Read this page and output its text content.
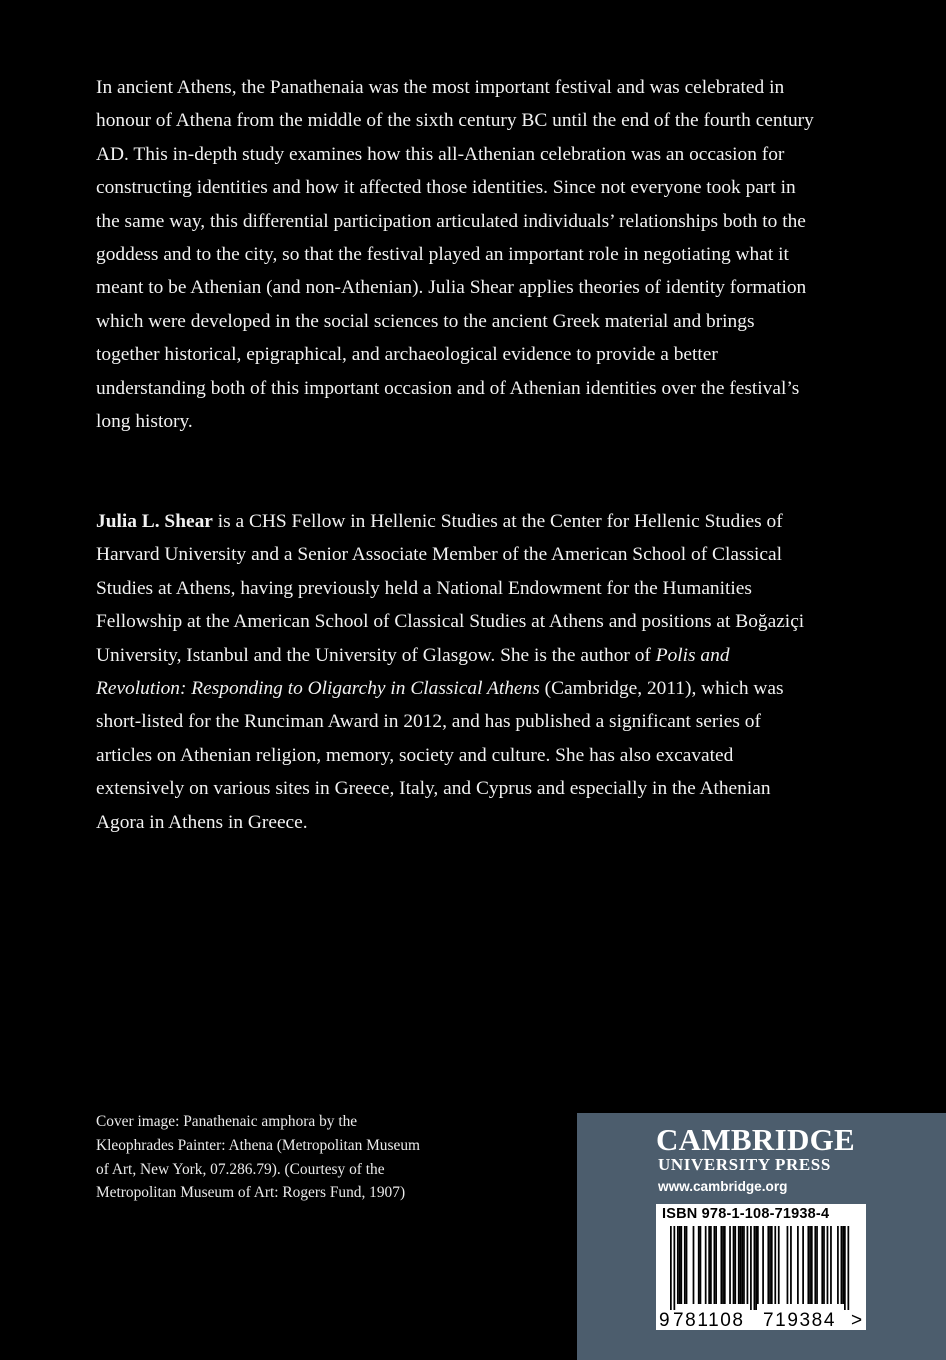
In ancient Athens, the Panathenaia was the most important festival and was celebrated in honour of Athena from the middle of the sixth century BC until the end of the fourth century AD. This in-depth study examines how this all-Athenian celebration was an occasion for constructing identities and how it affected those identities. Since not everyone took part in the same way, this differential participation articulated individuals’ relationships both to the goddess and to the city, so that the festival played an important role in negotiating what it meant to be Athenian (and non-Athenian). Julia Shear applies theories of identity formation which were developed in the social sciences to the ancient Greek material and brings together historical, epigraphical, and archaeological evidence to provide a better understanding both of this important occasion and of Athenian identities over the festival’s long history.

Julia L. Shear is a CHS Fellow in Hellenic Studies at the Center for Hellenic Studies of Harvard University and a Senior Associate Member of the American School of Classical Studies at Athens, having previously held a National Endowment for the Humanities Fellowship at the American School of Classical Studies at Athens and positions at Boğaziçi University, Istanbul and the University of Glasgow. She is the author of Polis and Revolution: Responding to Oligarchy in Classical Athens (Cambridge, 2011), which was short-listed for the Runciman Award in 2012, and has published a significant series of articles on Athenian religion, memory, society and culture. She has also excavated extensively on various sites in Greece, Italy, and Cyprus and especially in the Athenian Agora in Athens in Greece.

Cover image: Panathenaic amphora by the Kleophrades Painter: Athena (Metropolitan Museum of Art, New York, 07.286.79). (Courtesy of the Metropolitan Museum of Art: Rogers Fund, 1907)

CAMBRIDGE
UNIVERSITY PRESS
www.cambridge.org
ISBN 978-1-108-71938-4
9 781108 719384 >
